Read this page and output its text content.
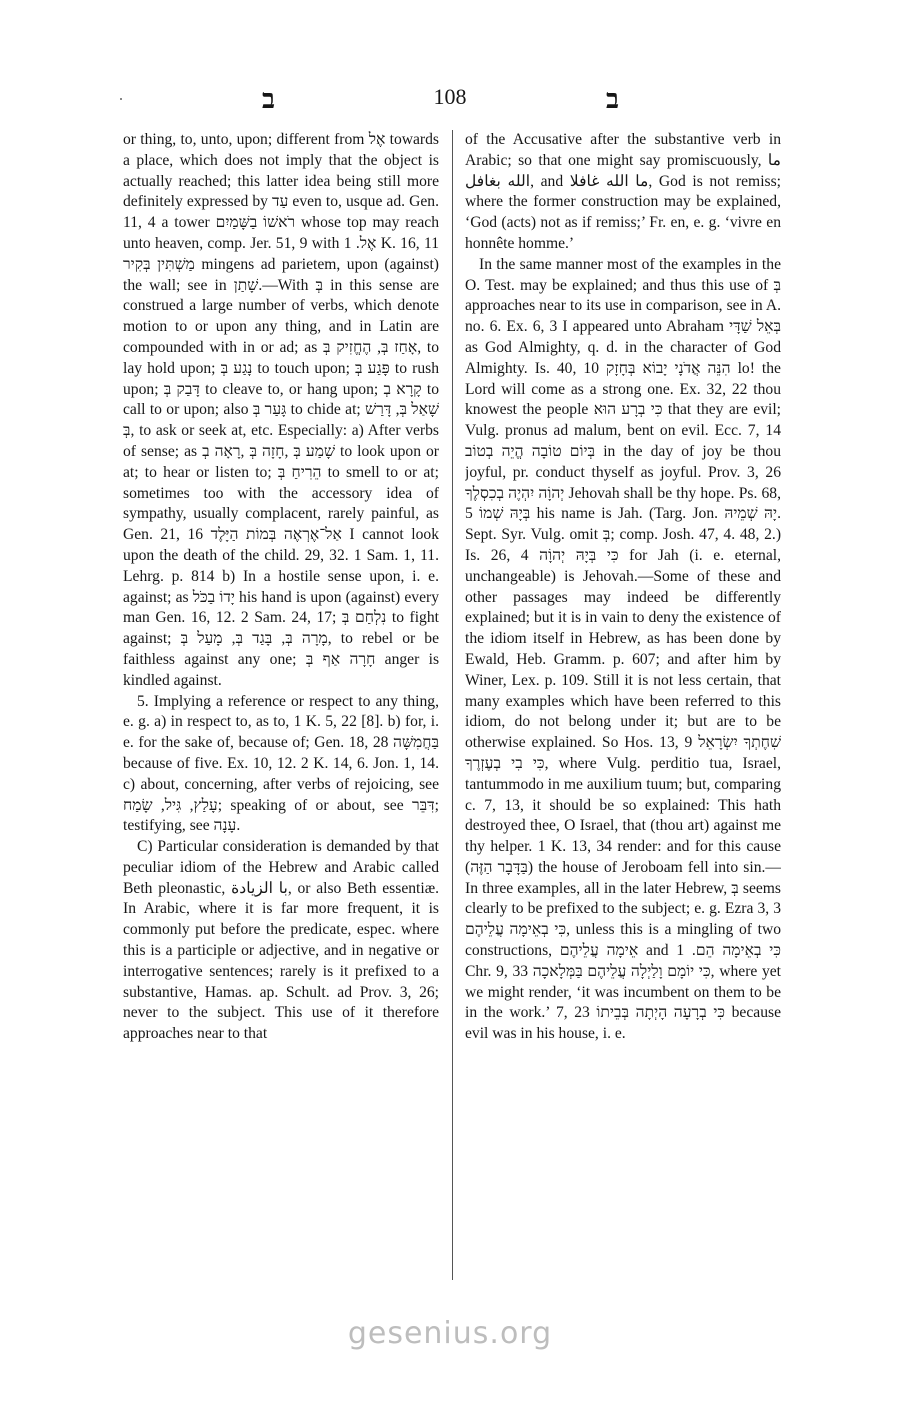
ב	108	ב

or thing, to, unto, upon; different from אֶל towards a place, which does not imply that the object is actually reached; this latter idea being still more definitely expressed by עַד even to, usque ad. Gen. 11, 4 a tower רֹאשׁוֹ בַשָּׁמַיִם whose top may reach unto heaven, comp. Jer. 51, 9 with אֶל. 1 K. 16, 11 מַשְׁתִּין בְּקִיר mingens ad parietem, upon (against) the wall; see in שָׁתַן.—With בְּ in this sense are construed a large number of verbs, which denote motion to or upon any thing, and in Latin are compounded with in or ad; as אָחַז בְּ, הֶחֱזִיק בְּ, to lay hold upon; נָגַע בְּ to touch upon; פָּגַע בְּ to rush upon; דָּבַק בְּ to cleave to, or hang upon; קָרָא בְ to call to or upon; also גָּעַר בְּ to chide at; שָׁאַל בְּ, דָּרַשׁ בְּ, to ask or seek at, etc. Especially: a) After verbs of sense; as שָׁמַע בְּ ,חָזָה בְּ ,רָאָה בְ to look upon or at; to hear or listen to; הֵרִיחַ בְּ to smell to or at; sometimes too with the accessory idea of sympathy, usually complacent, rarely painful, as Gen. 21, 16 אַל־אֶרְאֶה בְּמוֹת הַיָּלֶד I cannot look upon the death of the child. 29, 32. 1 Sam. 1, 11. Lehrg. p. 814 b) In a hostile sense upon, i. e. against; as יָדוֹ בַכֹּל his hand is upon (against) every man Gen. 16, 12. 2 Sam. 24, 17; נִלְחַם בְּ to fight against; מָרָה בְּ, בָּגַד בְּ, מָעַל בְּ, to rebel or be faithless against any one; חָרָה אַף בְּ anger is kindled against.

5. Implying a reference or respect to any thing, e. g. a) in respect to, as to, 1 K. 5, 22 [8]. b) for, i. e. for the sake of, because of; Gen. 18, 28 בַּחֲמִשָּׁה because of five. Ex. 10, 12. 2 K. 14, 6. Jon. 1, 14. c) about, concerning, after verbs of rejoicing, see עָלַץ, גִּיל, שָׂמַח; speaking of or about, see דִּבֵּר; testifying, see עָנָה.

C) Particular consideration is demanded by that peculiar idiom of the Hebrew and Arabic called Beth pleonastic, با الزيادة, or also Beth essentiæ. In Arabic, where it is far more frequent, it is commonly put before the predicate, espec. where this is a participle or adjective, and in negative or interrogative sentences; rarely is it prefixed to a substantive, Hamas. ap. Schult. ad Prov. 3, 26; never to the subject. This use of it therefore approaches near to that

of the Accusative after the substantive verb in Arabic; so that one might say promiscuously, ما الله بغافل, and ما الله غافلا, God is not remiss; where the former construction may be explained, ‘God (acts) not as if remiss;’ Fr. en, e. g. ‘vivre en honnête homme.’

In the same manner most of the examples in the O. Test. may be explained; and thus this use of בְּ approaches near to its use in comparison, see in A. no. 6. Ex. 6, 3 I appeared unto Abraham בְּאֵל שַׁדָּי as God Almighty, q. d. in the character of God Almighty. Is. 40, 10 הִנֵּה אֲדֹנָי יָבוֹא בְּחָזָק lo! the Lord will come as a strong one. Ex. 32, 22 thou knowest the people כִּי בְרָע הוּא that they are evil; Vulg. pronus ad malum, bent on evil. Ecc. 7, 14 בְּיוֹם טוֹבָה הֱיֵה בְטוֹב in the day of joy be thou joyful, pr. conduct thyself as joyful. Prov. 3, 26 יְהוָֹה יִהְיֶה בְכִסְלֶךָ Jehovah shall be thy hope. Ps. 68, 5 בְּיָהּ שְׁמוֹ his name is Jah. (Targ. Jon. יָהּ שְׁמֵיהּ. Sept. Syr. Vulg. omit בְּ; comp. Josh. 47, 4. 48, 2.) Is. 26, 4 כִּי בְּיָהּ יְהוָֹה for Jah (i. e. eternal, unchangeable) is Jehovah.—Some of these and other passages may indeed be differently explained; but it is in vain to deny the existence of the idiom itself in Hebrew, as has been done by Ewald, Heb. Gramm. p. 607; and after him by Winer, Lex. p. 109. Still it is not less certain, that many examples which have been referred to this idiom, do not belong under it; but are to be otherwise explained. So Hos. 13, 9 שִׁחֶתְךָ יִשְׂרָאֵל כִּי בִי בְעֶזְרֶךָ, where Vulg. perditio tua, Israel, tantummodo in me auxilium tuum; but, comparing c. 7, 13, it should be so explained: This hath destroyed thee, O Israel, that (thou art) against me thy helper. 1 K. 13, 34 render: and for this cause (בַּדָּבָר הַזֶּה) the house of Jeroboam fell into sin.—In three examples, all in the later Hebrew, בְּ seems clearly to be prefixed to the subject; e. g. Ezra 3, 3 כִּי בְאֵימָה עֲלֵיהֶם, unless this is a mingling of two constructions, אֵימָה עֲלֵיהֶם and כִּי בְאֵימָה הֵם. 1 Chr. 9, 33 כִּי יוֹמָם וָלַיְלָה עֲלֵיהֶם בַּמְּלָאכָה, where yet we might render, ‘it was incumbent on them to be in the work.’ 7, 23 כִּי בְרָעָה הָיְתָה בְּבֵיתוֹ because evil was in his house, i. e.

gesenius.org
